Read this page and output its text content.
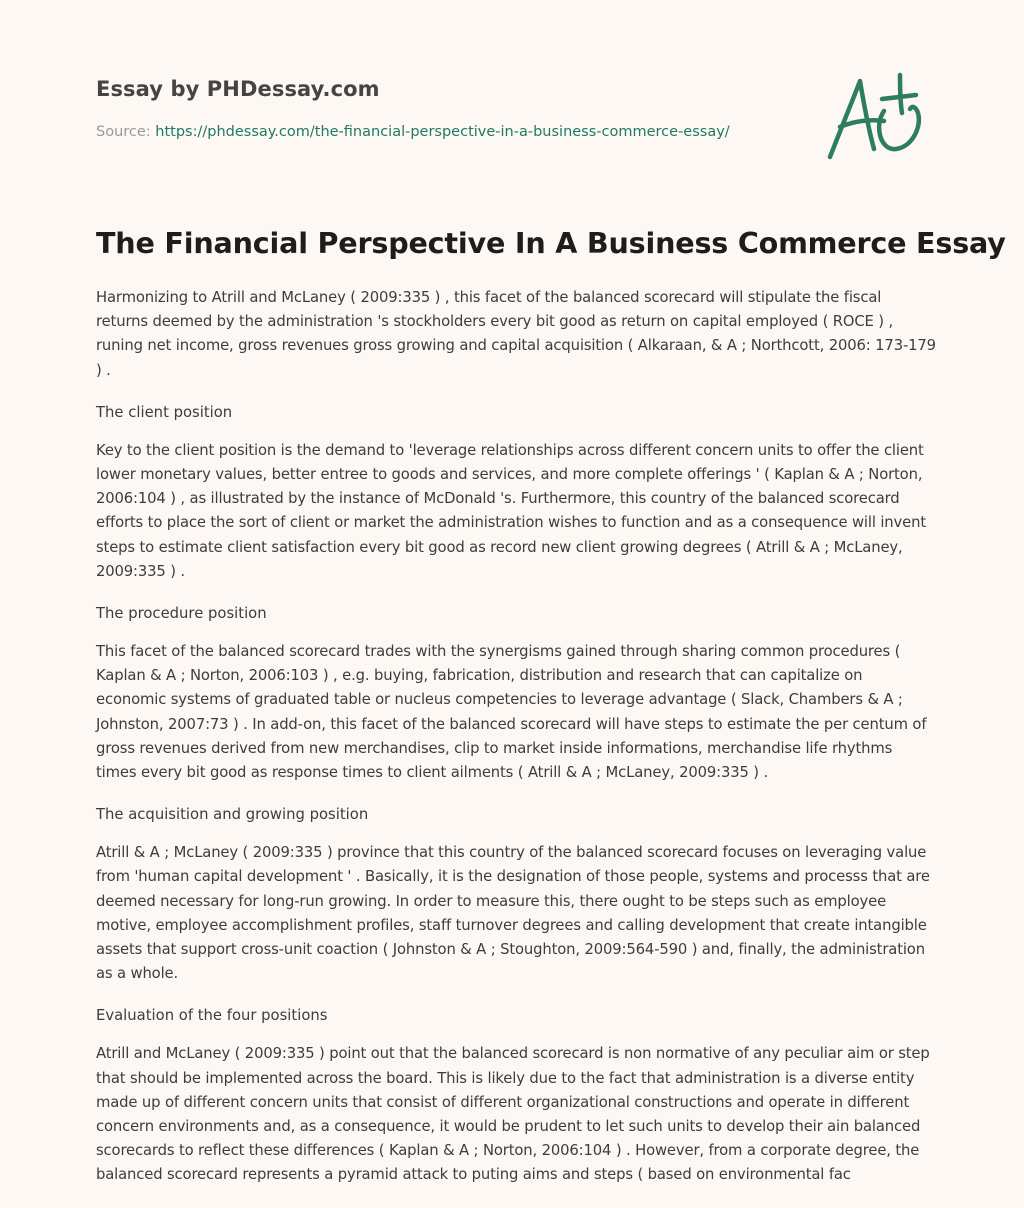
Essay by PHDessay.com
Source: https://phdessay.com/the-financial-perspective-in-a-business-commerce-essay/
The Financial Perspective In A Business Commerce Essay

Harmonizing to Atrill and McLaney ( 2009:335 ) , this facet of the balanced scorecard will stipulate the fiscal returns deemed by the administration 's stockholders every bit good as return on capital employed ( ROCE ) , runing net income, gross revenues gross growing and capital acquisition ( Alkaraan, & A ; Northcott, 2006: 173-179 ) .

The client position

Key to the client position is the demand to 'leverage relationships across different concern units to offer the client lower monetary values, better entree to goods and services, and more complete offerings ' ( Kaplan & A ; Norton, 2006:104 ) , as illustrated by the instance of McDonald 's. Furthermore, this country of the balanced scorecard efforts to place the sort of client or market the administration wishes to function and as a consequence will invent steps to estimate client satisfaction every bit good as record new client growing degrees ( Atrill & A ; McLaney, 2009:335 ) .

The procedure position

This facet of the balanced scorecard trades with the synergisms gained through sharing common procedures ( Kaplan & A ; Norton, 2006:103 ) , e.g. buying, fabrication, distribution and research that can capitalize on economic systems of graduated table or nucleus competencies to leverage advantage ( Slack, Chambers & A ; Johnston, 2007:73 ) . In add-on, this facet of the balanced scorecard will have steps to estimate the per centum of gross revenues derived from new merchandises, clip to market inside informations, merchandise life rhythms times every bit good as response times to client ailments ( Atrill & A ; McLaney, 2009:335 ) .

The acquisition and growing position

Atrill & A ; McLaney ( 2009:335 ) province that this country of the balanced scorecard focuses on leveraging value from 'human capital development ' . Basically, it is the designation of those people, systems and processs that are deemed necessary for long-run growing. In order to measure this, there ought to be steps such as employee motive, employee accomplishment profiles, staff turnover degrees and calling development that create intangible assets that support cross-unit coaction ( Johnston & A ; Stoughton, 2009:564-590 ) and, finally, the administration as a whole.

Evaluation of the four positions

Atrill and McLaney ( 2009:335 ) point out that the balanced scorecard is non normative of any peculiar aim or step that should be implemented across the board. This is likely due to the fact that administration is a diverse entity made up of different concern units that consist of different organizational constructions and operate in different concern environments and, as a consequence, it would be prudent to let such units to develop their ain balanced scorecards to reflect these differences ( Kaplan & A ; Norton, 2006:104 ) . However, from a corporate degree, the balanced scorecard represents a pyramid attack to puting aims and steps ( based on environmental fac
